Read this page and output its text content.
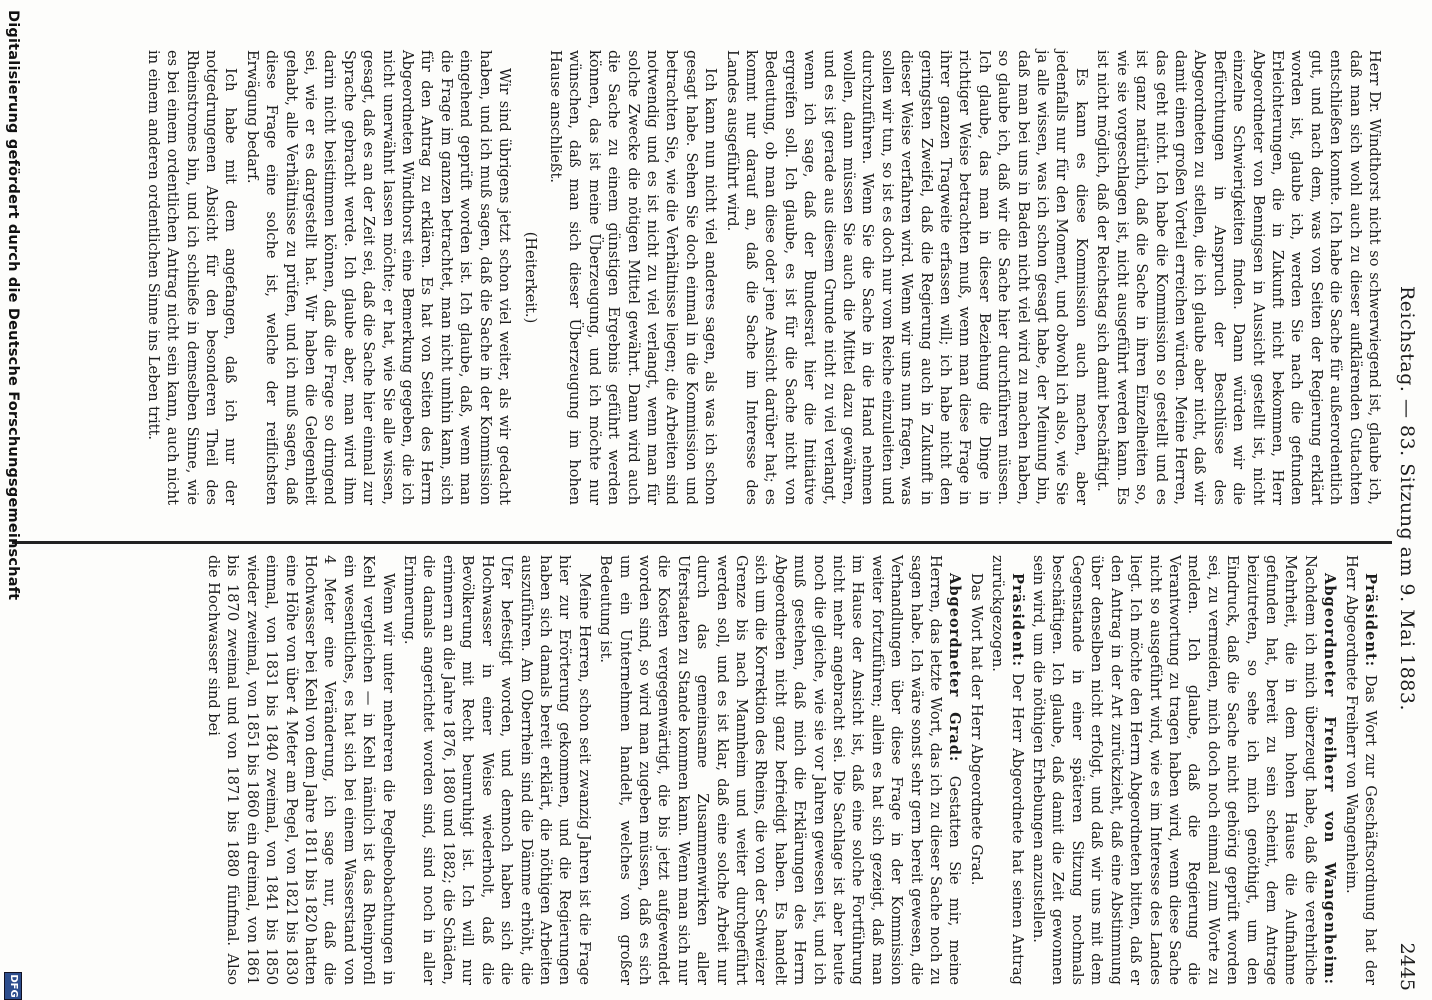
Reichstag. — 83. Sitzung am 9. Mai 1883.
2445

Herr Dr. Windthorst nicht so schwerwiegend ist, glaube ich, daß man sich wohl auch zu dieser aufklärenden Gutachten entschließen konnte. Ich habe die Sache für außerordentlich gut, und nach dem, was von Seiten der Regierung erklärt worden ist, glaube ich, werden Sie nach die gefunden Erleichterungen, die in Zukunft nicht bekommen, Herr Abgeordneter von Bennigsen in Aussicht gestellt ist, nicht einzelne Schwierigkeiten finden. Dann würden wir die Befürchtungen in Anspruch der Beschlüsse des Abgeordneten zu stellen, die ich glaube aber nicht, daß wir damit einen großen Vorteil erreichen würden. Meine Herren, das geht nicht. Ich habe die Kommission so gestellt und es ist ganz natürlich, daß die Sache in ihren Einzelheiten so, wie sie vorgeschlagen ist, nicht ausgeführt werden kann. Es ist nicht möglich, daß der Reichstag sich damit beschäftigt.

Es kann es diese Kommission auch machen, aber jedenfalls nur für den Moment, und obwohl ich also, wie Sie ja alle wissen, was ich schon gesagt habe, der Meinung bin, daß man bei uns in Baden nicht viel wird zu machen haben, so glaube ich, daß wir die Sache hier durchführen müssen. Ich glaube, das man in dieser Beziehung die Dinge in richtiger Weise betrachten muß, wenn man diese Frage in ihrer ganzen Tragweite erfassen will; ich habe nicht den geringsten Zweifel, daß die Regierung auch in Zukunft in dieser Weise verfahren wird. Wenn wir uns nun fragen, was sollen wir tun, so ist es doch nur vom Reiche einzuleiten und durchzuführen. Wenn Sie die Sache in die Hand nehmen wollen, dann müssen Sie auch die Mittel dazu gewähren, und es ist gerade aus diesem Grunde nicht zu viel verlangt, wenn ich sage, daß der Bundesrat hier die Initiative ergreifen soll. Ich glaube, es ist für die Sache nicht von Bedeutung, ob man diese oder jene Ansicht darüber hat; es kommt nur darauf an, daß die Sache im Interesse des Landes ausgeführt wird.

Ich kann nun nicht viel anderes sagen, als was ich schon gesagt habe. Sehen Sie doch einmal in die Kommission und betrachten Sie, wie die Verhältnisse liegen; die Arbeiten sind notwendig und es ist nicht zu viel verlangt, wenn man für solche Zwecke die nötigen Mittel gewährt. Dann wird auch die Sache zu einem günstigen Ergebnis geführt werden können, das ist meine Überzeugung, und ich möchte nur wünschen, daß man sich dieser Überzeugung im hohen Hause anschließt.

(Heiterkeit.)

Wir sind übrigens jetzt schon viel weiter, als wir gedacht haben, und ich muß sagen, daß die Sache in der Kommission eingehend geprüft worden ist. Ich glaube, daß, wenn man die Frage im ganzen betrachtet, man nicht umhin kann, sich für den Antrag zu erklären. Es hat von Seiten des Herrn Abgeordneten Windthorst eine Bemerkung gegeben, die ich nicht unerwähnt lassen möchte; er hat, wie Sie alle wissen, gesagt, daß es an der Zeit sei, daß die Sache hier einmal zur Sprache gebracht werde. Ich glaube aber, man wird ihm darin nicht beistimmen können, daß die Frage so dringend sei, wie er es dargestellt hat. Wir haben die Gelegenheit gehabt, alle Verhältnisse zu prüfen, und ich muß sagen, daß diese Frage eine solche ist, welche der reiflichsten Erwägung bedarf.

Ich habe mit dem angefangen, daß ich nur der notgedrungenen Absicht für den besonderen Theil des Rheinstromes bin, und ich schließe in demselben Sinne, wie es bei einem ordentlichen Antrag nicht sein kann, auch nicht in einem anderen ordentlichen Sinne ins Leben tritt.

Präsident: Das Wort zur Geschäftsordnung hat der Herr Abgeordnete Freiherr von Wangenheim.

Abgeordneter Freiherr von Wangenheim: Nachdem ich mich überzeugt habe, daß die verehrliche Mehrheit, die in dem hohen Hause die Aufnahme gefunden hat, bereit zu sein scheint, dem Antrage beizutreten, so sehe ich mich genöthigt, um den Eindruck, daß die Sache nicht gehörig geprüft worden sei, zu vermeiden, mich doch noch einmal zum Worte zu melden. Ich glaube, daß die Regierung die Verantwortung zu tragen haben wird, wenn diese Sache nicht so ausgeführt wird, wie es im Interesse des Landes liegt. Ich möchte den Herrn Abgeordneten bitten, daß er den Antrag in der Art zurückzieht, daß eine Abstimmung über denselben nicht erfolgt, und daß wir uns mit dem Gegenstande in einer späteren Sitzung nochmals beschäftigen. Ich glaube, daß damit die Zeit gewonnen sein wird, um die nöthigen Erhebungen anzustellen.

Präsident: Der Herr Abgeordnete hat seinen Antrag zurückgezogen.

Das Wort hat der Herr Abgeordnete Grad.

Abgeordneter Grad: Gestatten Sie mir, meine Herren, das letzte Wort, das ich zu dieser Sache noch zu sagen habe. Ich wäre sonst sehr gern bereit gewesen, die Verhandlungen über diese Frage in der Kommission weiter fortzuführen; allein es hat sich gezeigt, daß man im Hause der Ansicht ist, daß eine solche Fortführung nicht mehr angebracht sei. Die Sachlage ist aber heute noch die gleiche, wie sie vor Jahren gewesen ist, und ich muß gestehen, daß mich die Erklärungen des Herrn Abgeordneten nicht ganz befriedigt haben. Es handelt sich um die Korrektion des Rheins, die von der Schweizer Grenze bis nach Mannheim und weiter durchgeführt werden soll, und es ist klar, daß eine solche Arbeit nur durch das gemeinsame Zusammenwirken aller Uferstaaten zu Stande kommen kann. Wenn man sich nur die Kosten vergegenwärtigt, die bis jetzt aufgewendet worden sind, so wird man zugeben müssen, daß es sich um ein Unternehmen handelt, welches von großer Bedeutung ist.

Meine Herren, schon seit zwanzig Jahren ist die Frage hier zur Erörterung gekommen, und die Regierungen haben sich damals bereit erklärt, die nöthigen Arbeiten auszuführen. Am Oberrhein sind die Dämme erhöht, die Ufer befestigt worden, und dennoch haben sich die Hochwasser in einer Weise wiederholt, daß die Bevölkerung mit Recht beunruhigt ist. Ich will nur erinnern an die Jahre 1876, 1880 und 1882; die Schäden, die damals angerichtet worden sind, sind noch in aller Erinnerung.

Wenn wir unter mehreren die Pegelbeobachtungen in Kehl vergleichen — in Kehl nämlich ist das Rheinprofil ein wesentliches, es hat sich bei einem Wasserstand von 4 Meter eine Veränderung, ich sage nur, daß die Hochwasser bei Kehl von dem Jahre 1811 bis 1820 hatten eine Höhe von über 4 Meter am Pegel, von 1821 bis 1830 einmal, von 1831 bis 1840 zweimal, von 1841 bis 1850 wieder zweimal, von 1851 bis 1860 ein dreimal, von 1861 bis 1870 zweimal und von 1871 bis 1880 fünfmal. Also die Hochwasser sind bei

Digitalisierung gefördert durch die Deutsche Forschungsgemeinschaft
DFG
